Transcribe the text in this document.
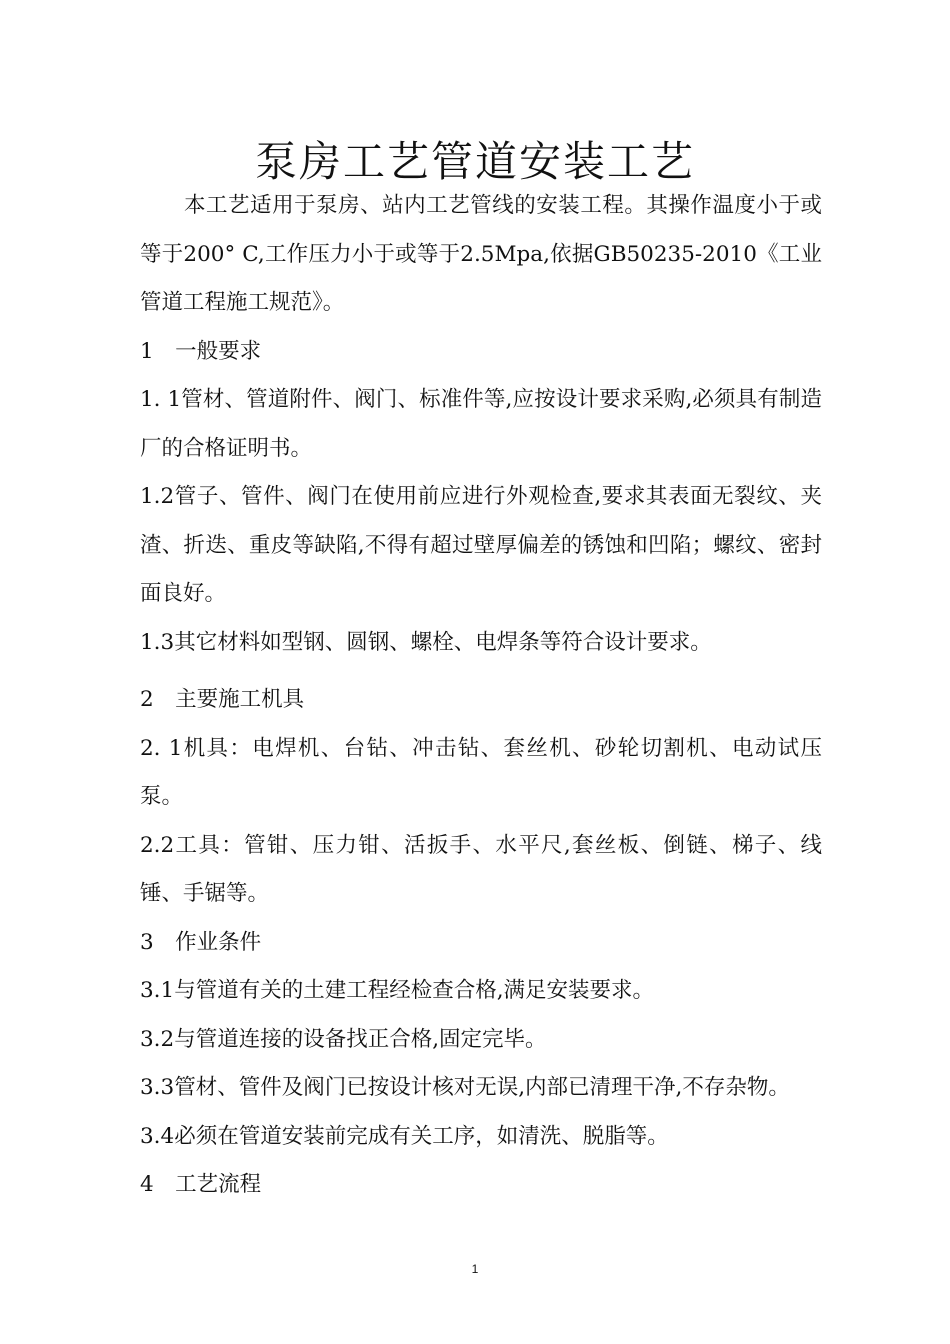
泵房工艺管道安装工艺

本工艺适用于泵房、站内工艺管线的安装工程。其操作温度小于或等于200° C,工作压力小于或等于2.5Mpa,依据GB50235-2010《工业管道工程施工规范》。

1　一般要求

1. 1管材、管道附件、阀门、标准件等,应按设计要求采购,必须具有制造厂的合格证明书。

1.2管子、管件、阀门在使用前应进行外观检查,要求其表面无裂纹、夹渣、折迭、重皮等缺陷,不得有超过壁厚偏差的锈蚀和凹陷；螺纹、密封面良好。

1.3其它材料如型钢、圆钢、螺栓、电焊条等符合设计要求。

2　主要施工机具

2. 1机具：电焊机、台钻、冲击钻、套丝机、砂轮切割机、电动试压泵。

2.2工具：管钳、压力钳、活扳手、水平尺,套丝板、倒链、梯子、线锤、手锯等。

3　作业条件

3.1与管道有关的土建工程经检查合格,满足安装要求。

3.2与管道连接的设备找正合格,固定完毕。

3.3管材、管件及阀门已按设计核对无误,内部已清理干净,不存杂物。

3.4必须在管道安装前完成有关工序，如清洗、脱脂等。

4　工艺流程

1
